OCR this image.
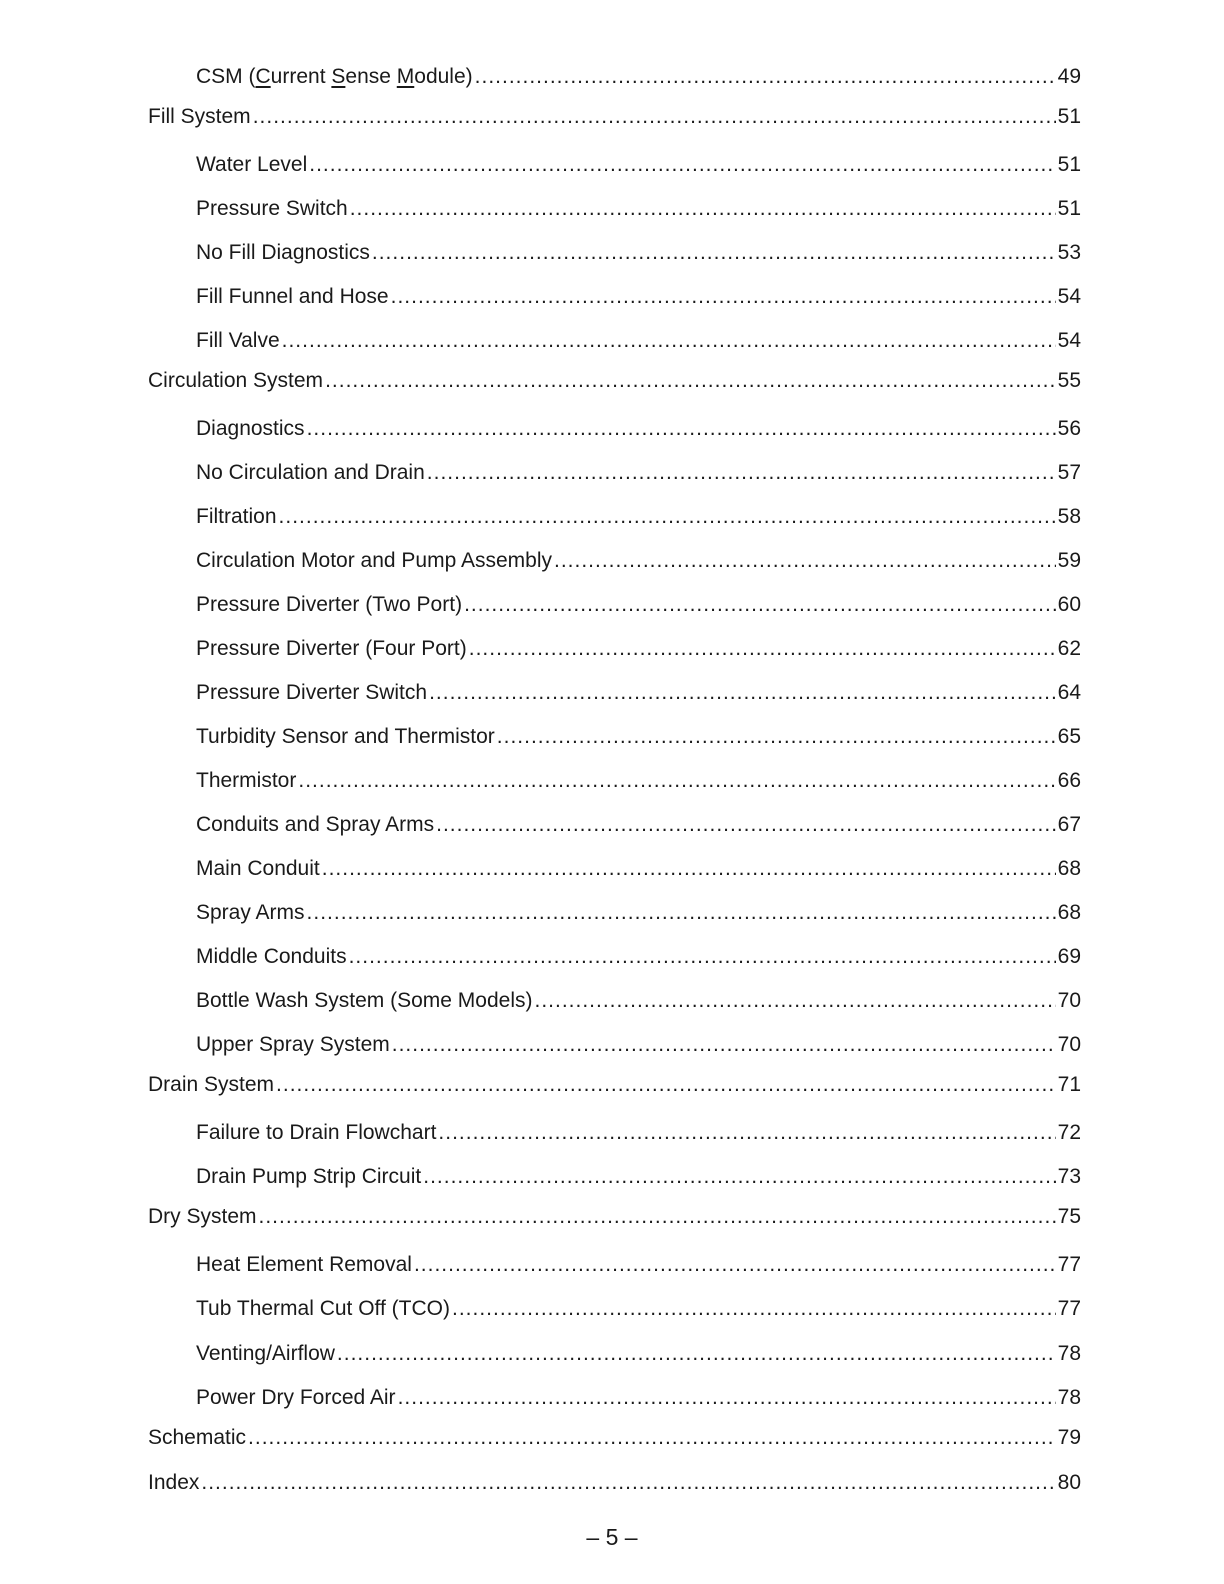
CSM (Current Sense Module) .....	49
Fill System .....	51
Water Level .....	51
Pressure Switch .....	51
No Fill Diagnostics .....	53
Fill Funnel and Hose .....	54
Fill Valve .....	54
Circulation System .....	55
Diagnostics .....	56
No Circulation and Drain .....	57
Filtration .....	58
Circulation Motor and Pump Assembly .....	59
Pressure Diverter (Two Port) .....	60
Pressure Diverter (Four Port) .....	62
Pressure Diverter Switch .....	64
Turbidity Sensor and Thermistor .....	65
Thermistor .....	66
Conduits and Spray Arms .....	67
Main Conduit .....	68
Spray Arms .....	68
Middle Conduits .....	69
Bottle Wash System (Some Models) .....	70
Upper Spray System .....	70
Drain System .....	71
Failure to Drain Flowchart .....	72
Drain Pump Strip Circuit .....	73
Dry System .....	75
Heat Element Removal .....	77
Tub Thermal Cut Off (TCO) .....	77
Venting/Airflow .....	78
Power Dry Forced Air .....	78
Schematic .....	79
Index .....	80
– 5 –
